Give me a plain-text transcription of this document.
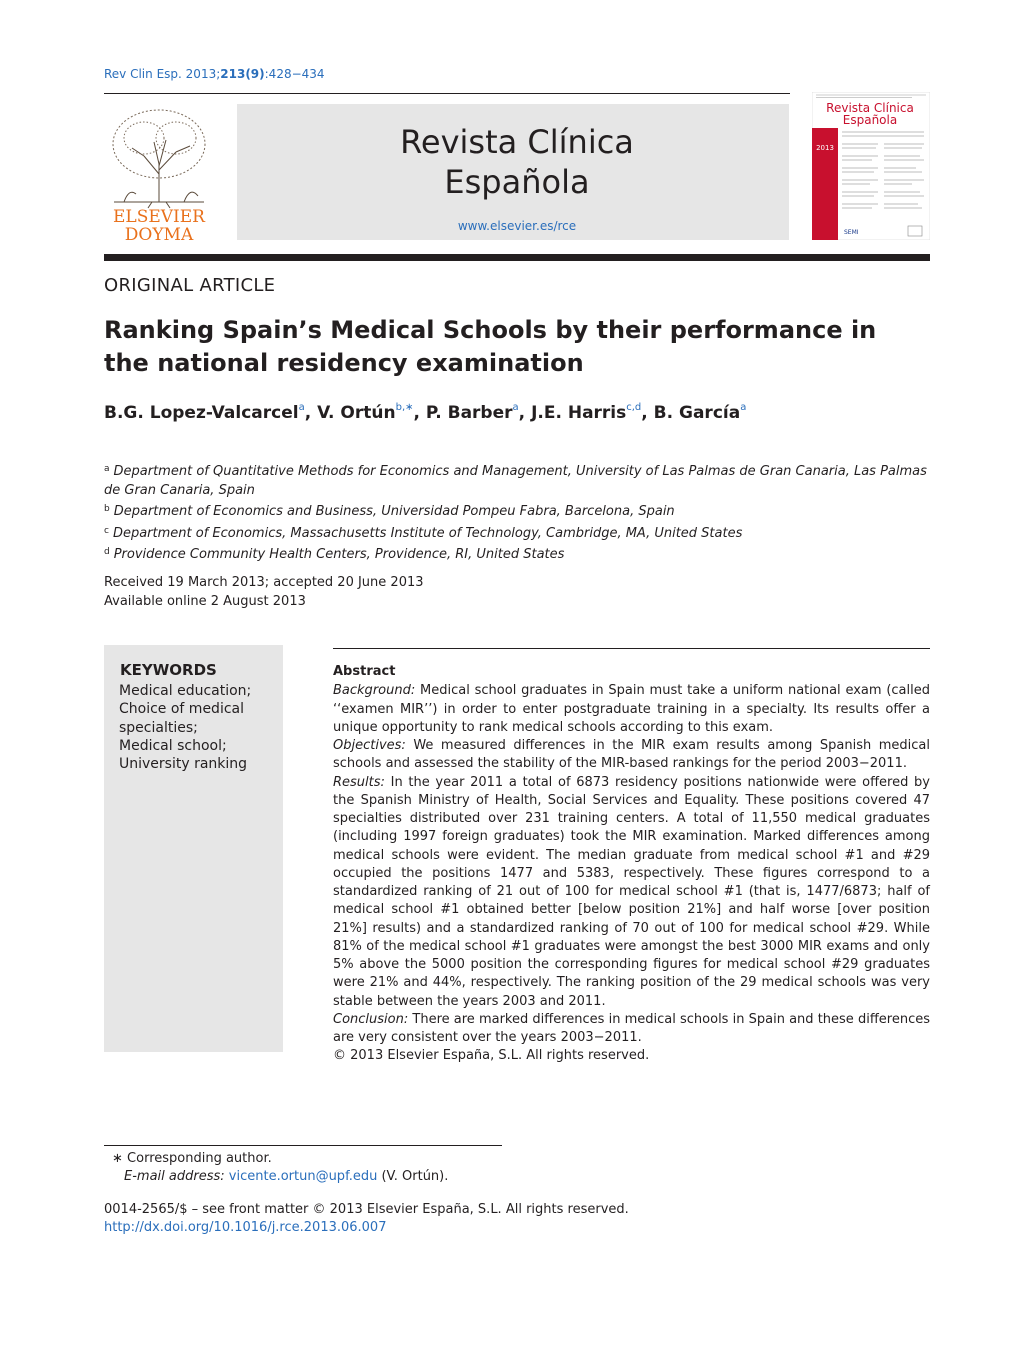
Rev Clin Esp. 2013;213(9):428−434
ELSEVIER
DOYMA
Revista Clínica
Española
www.elsevier.es/rce
Revista Clínica
Española
2013
SEMI
ORIGINAL ARTICLE
Ranking Spain’s Medical Schools by their performance in the national residency examination
B.G. Lopez-Valcarcel$^a$, V. Ortún$^{b,∗}$, P. Barber$^a$, J.E. Harris$^{c,d}$, B. García$^a$
$^a$ Department of Quantitative Methods for Economics and Management, University of Las Palmas de Gran Canaria, Las Palmas de Gran Canaria, Spain
$^b$ Department of Economics and Business, Universidad Pompeu Fabra, Barcelona, Spain
$^c$ Department of Economics, Massachusetts Institute of Technology, Cambridge, MA, United States
$^d$ Providence Community Health Centers, Providence, RI, United States
Received 19 March 2013; accepted 20 June 2013
Available online 2 August 2013
KEYWORDS
Medical education;
Choice of medical specialties;
Medical school;
University ranking
Abstract

Background: Medical school graduates in Spain must take a uniform national exam (called ‘‘examen MIR’’) in order to enter postgraduate training in a specialty. Its results offer a unique opportunity to rank medical schools according to this exam.

Objectives: We measured differences in the MIR exam results among Spanish medical schools and assessed the stability of the MIR-based rankings for the period 2003−2011.

Results: In the year 2011 a total of 6873 residency positions nationwide were offered by the Spanish Ministry of Health, Social Services and Equality. These positions covered 47 specialties distributed over 231 training centers. A total of 11,550 medical graduates (including 1997 foreign graduates) took the MIR examination. Marked differences among medical schools were evident. The median graduate from medical school #1 and #29 occupied the positions 1477 and 5383, respectively. These figures correspond to a standardized ranking of 21 out of 100 for medical school #1 (that is, 1477/6873; half of medical school #1 obtained better [below position 21%] and half worse [over position 21%] results) and a standardized ranking of 70 out of 100 for medical school #29. While 81% of the medical school #1 graduates were amongst the best 3000 MIR exams and only 5% above the 5000 position the corresponding figures for medical school #29 graduates were 21% and 44%, respectively. The ranking position of the 29 medical schools was very stable between the years 2003 and 2011.

Conclusion: There are marked differences in medical schools in Spain and these differences are very consistent over the years 2003−2011.

© 2013 Elsevier España, S.L. All rights reserved.

∗ Corresponding author.
E-mail address: vicente.ortun@upf.edu (V. Ortún).
0014-2565/$ – see front matter © 2013 Elsevier España, S.L. All rights reserved.
http://dx.doi.org/10.1016/j.rce.2013.06.007
